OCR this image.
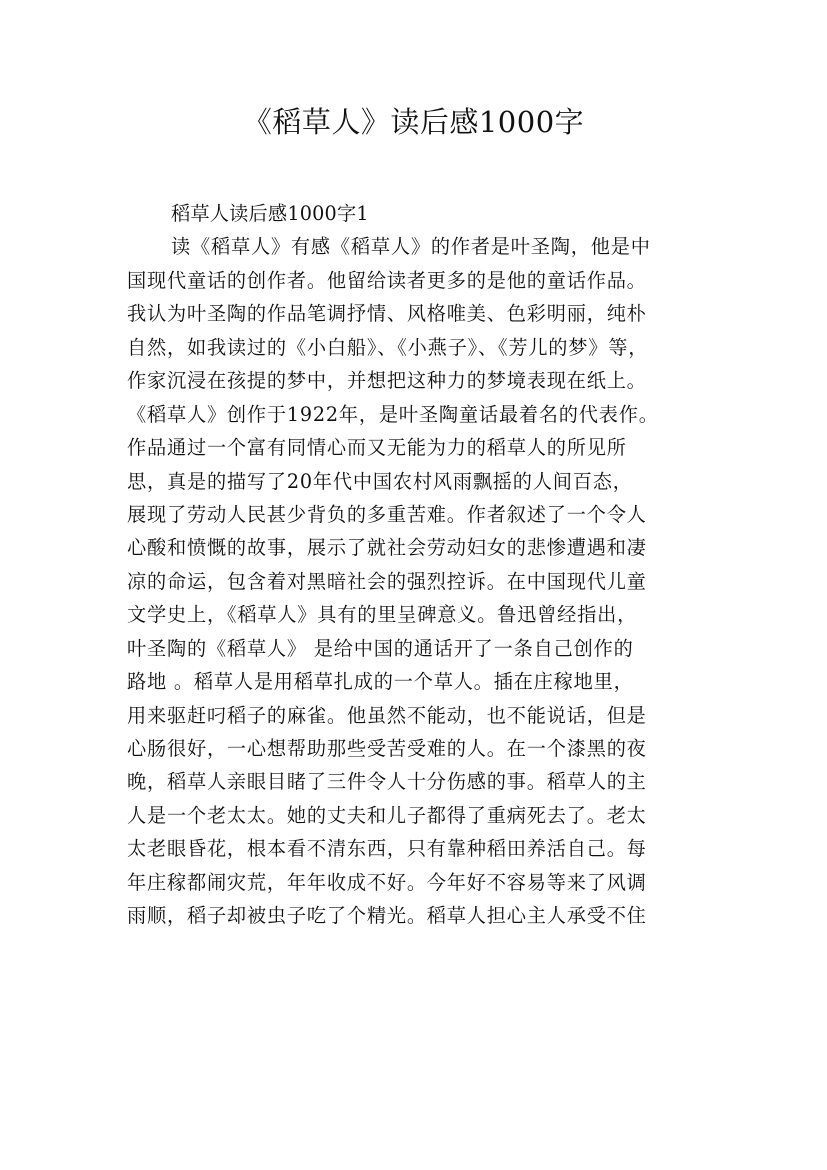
《稻草人》读后感1000字
稻草人读后感1000字1
读《稻草人》有感《稻草人》的作者是叶圣陶，他是中
国现代童话的创作者。他留给读者更多的是他的童话作品。
我认为叶圣陶的作品笔调抒情、风格唯美、色彩明丽，纯朴
自然，如我读过的《小白船》、《小燕子》、《芳儿的梦》等，
作家沉浸在孩提的梦中，并想把这种力的梦境表现在纸上。
《稻草人》创作于1922年，是叶圣陶童话最着名的代表作。
作品通过一个富有同情心而又无能为力的稻草人的所见所
思，真是的描写了20年代中国农村风雨飘摇的人间百态，
展现了劳动人民甚少背负的多重苦难。作者叙述了一个令人
心酸和愤慨的故事，展示了就社会劳动妇女的悲惨遭遇和凄
凉的命运，包含着对黑暗社会的强烈控诉。在中国现代儿童
文学史上，《稻草人》具有的里呈碑意义。鲁迅曾经指出，
叶圣陶的《稻草人》 是给中国的通话开了一条自己创作的
路地 。稻草人是用稻草扎成的一个草人。插在庄稼地里，
用来驱赶叼稻子的麻雀。他虽然不能动，也不能说话，但是
心肠很好，一心想帮助那些受苦受难的人。在一个漆黑的夜
晚，稻草人亲眼目睹了三件令人十分伤感的事。稻草人的主
人是一个老太太。她的丈夫和儿子都得了重病死去了。老太
太老眼昏花，根本看不清东西，只有靠种稻田养活自己。每
年庄稼都闹灾荒，年年收成不好。今年好不容易等来了风调
雨顺，稻子却被虫子吃了个精光。稻草人担心主人承受不住
